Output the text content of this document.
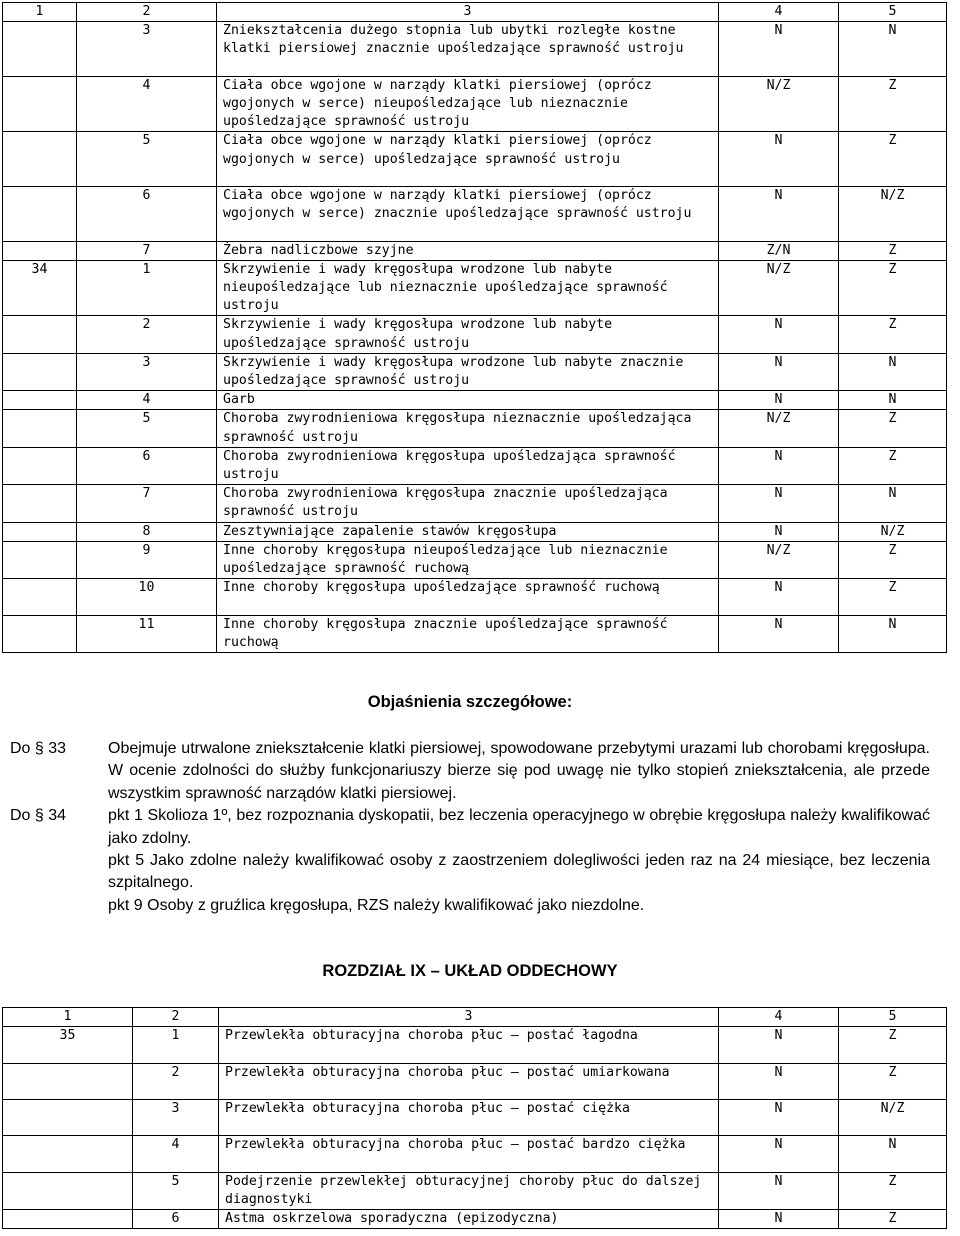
1	2	3	4	5
	3	Zniekształcenia dużego stopnia lub ubytki rozległe kostne klatki piersiowej znacznie upośledzające sprawność ustroju	N	N
	4	Ciała obce wgojone w narządy klatki piersiowej (oprócz wgojonych w serce) nieupośledzające lub nieznacznie upośledzające sprawność ustroju	N/Z	Z
	5	Ciała obce wgojone w narządy klatki piersiowej (oprócz wgojonych w serce) upośledzające sprawność ustroju	N	Z
	6	Ciała obce wgojone w narządy klatki piersiowej (oprócz wgojonych w serce) znacznie upośledzające sprawność ustroju	N	N/Z
	7	Żebra nadliczbowe szyjne	Z/N	Z
34	1	Skrzywienie i wady kręgosłupa wrodzone lub nabyte nieupośledzające lub nieznacznie upośledzające sprawność ustroju	N/Z	Z
	2	Skrzywienie i wady kręgosłupa wrodzone lub nabyte upośledzające sprawność ustroju	N	Z
	3	Skrzywienie i wady kręgosłupa wrodzone lub nabyte znacznie upośledzające sprawność ustroju	N	N
	4	Garb	N	N
	5	Choroba zwyrodnieniowa kręgosłupa nieznacznie upośledzająca sprawność ustroju	N/Z	Z
	6	Choroba zwyrodnieniowa kręgosłupa upośledzająca sprawność ustroju	N	Z
	7	Choroba zwyrodnieniowa kręgosłupa znacznie upośledzająca sprawność ustroju	N	N
	8	Zesztywniające zapalenie stawów kręgosłupa	N	N/Z
	9	Inne choroby kręgosłupa nieupośledzające lub nieznacznie upośledzające sprawność ruchową	N/Z	Z
	10	Inne choroby kręgosłupa upośledzające sprawność ruchową	N	Z
	11	Inne choroby kręgosłupa znacznie upośledzające sprawność ruchową	N	N
Objaśnienia szczegółowe:
Do § 33	Obejmuje utrwalone zniekształcenie klatki piersiowej, spowodowane przebytymi urazami lub chorobami kręgosłupa. W ocenie zdolności do służby funkcjonariuszy bierze się pod uwagę nie tylko stopień zniekształcenia, ale przede wszystkim sprawność narządów klatki piersiowej.

Do § 34	pkt 1 Skolioza 1º, bez rozpoznania dyskopatii, bez leczenia operacyjnego w obrębie kręgosłupa należy kwalifikować jako zdolny.

pkt 5 Jako zdolne należy kwalifikować osoby z zaostrzeniem dolegliwości jeden raz na 24 miesiące, bez leczenia szpitalnego.

pkt 9 Osoby z gruźlica kręgosłupa, RZS należy kwalifikować jako niezdolne.

ROZDZIAŁ IX – UKŁAD ODDECHOWY
1	2	3	4	5
35	1	Przewlekła obturacyjna choroba płuc – postać łagodna	N	Z
	2	Przewlekła obturacyjna choroba płuc – postać umiarkowana	N	Z
	3	Przewlekła obturacyjna choroba płuc – postać ciężka	N	N/Z
	4	Przewlekła obturacyjna choroba płuc – postać bardzo ciężka	N	N
	5	Podejrzenie przewlekłej obturacyjnej choroby płuc do dalszej diagnostyki	N	Z
	6	Astma oskrzelowa sporadyczna (epizodyczna)	N	Z
